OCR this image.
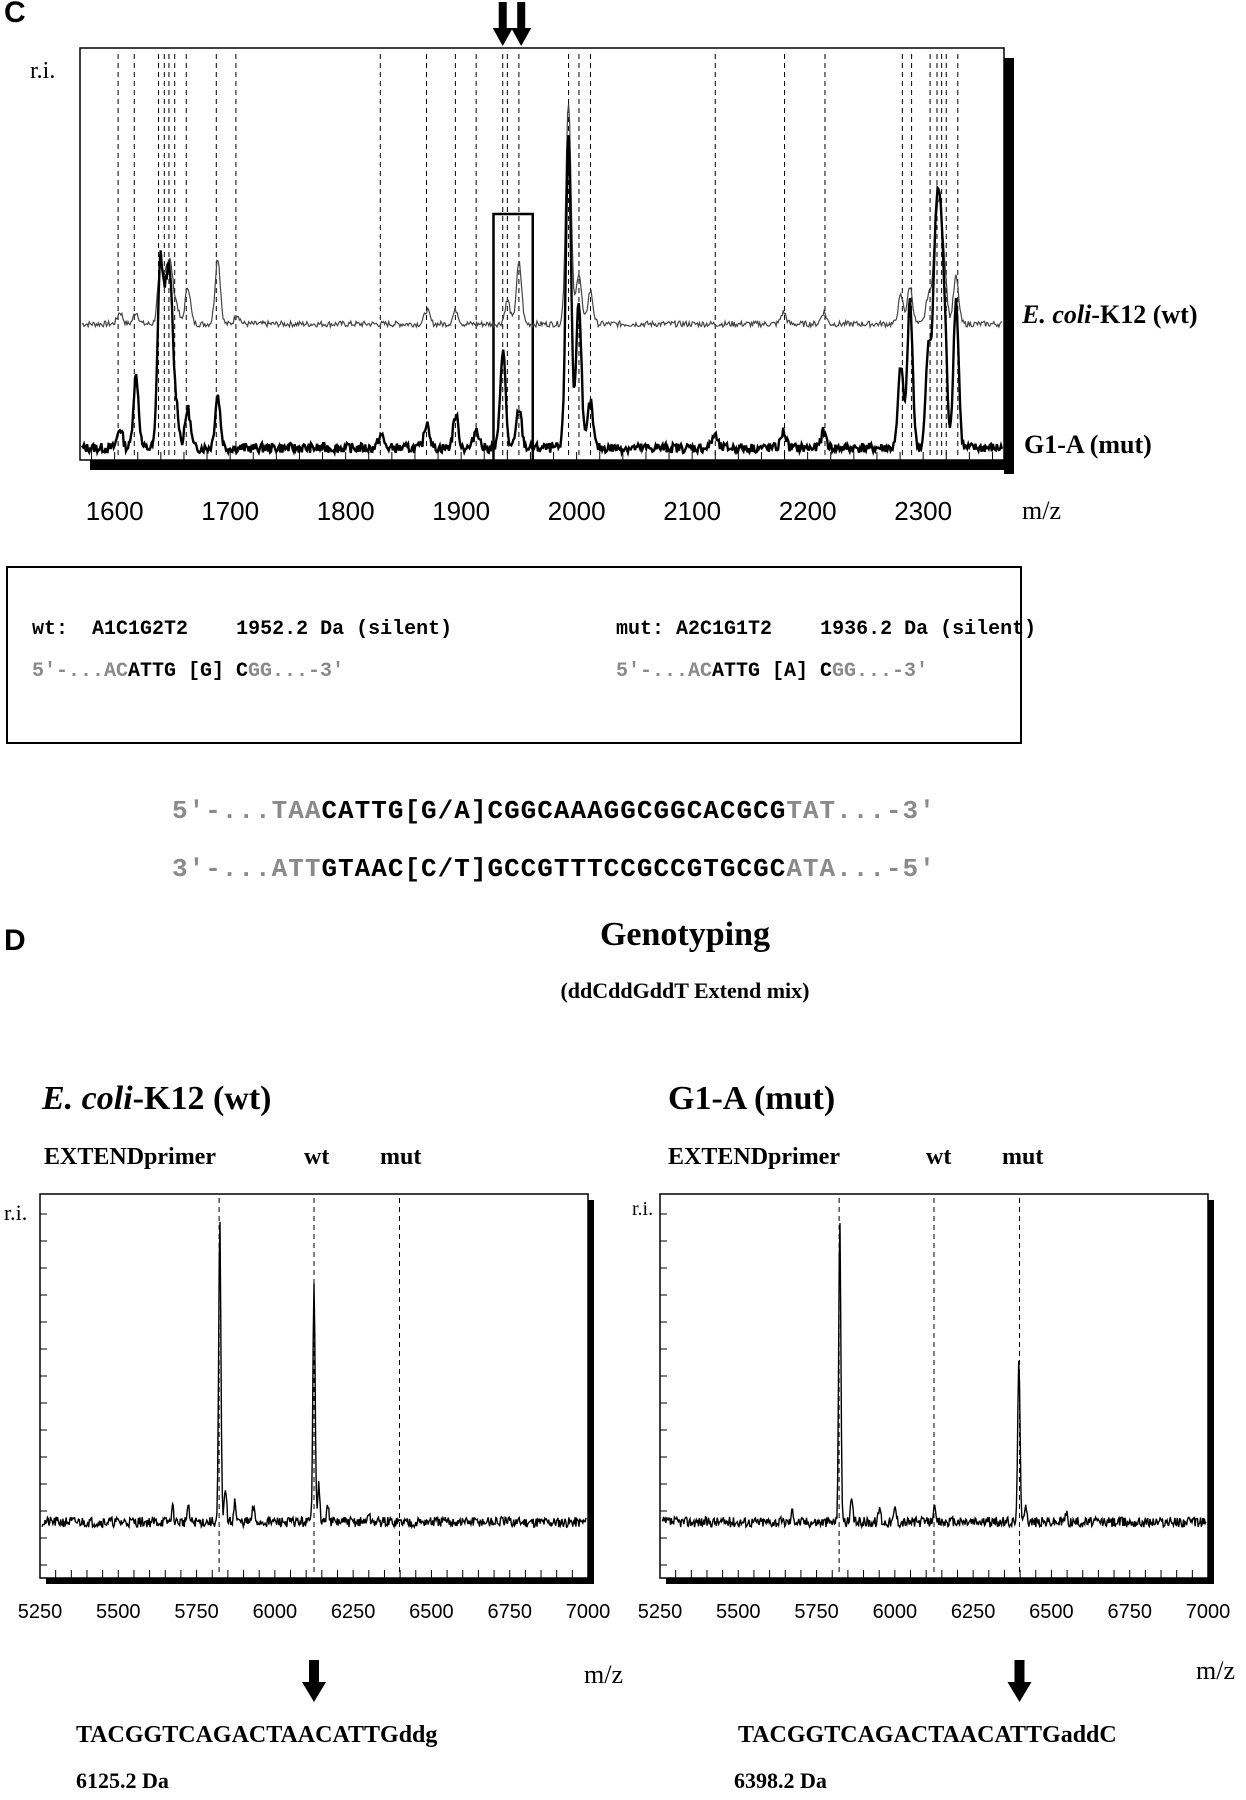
C
1600 1700 1800 1900 2000 2100 2200 2300
r.i.
m/z
E. coli-K12 (wt)
G1-A (mut)
wt: A1C1G2T2 1952.2 Da (silent)	mut: A2C1G1T2 1936.2 Da (silent)
5'-...ACATTG [G] CGG...-3'	5'-...ACATTG [A] CGG...-3'
5'-...TAACATTG[G/A]CGGCAAAGGCGGCACGCGTAT...-3'
3'-...ATTGTAAC[C/T]GCCGTTTCCGCCGTGCGCATA...-5'
D	Genotyping
(ddCddGddT Extend mix)
E. coli-K12 (wt)	G1-A (mut)
EXTENDprimer	wt mut	EXTENDprimer	wt mut
r.i.	r.i.
5250 5500 5750 6000 6250 6500 6750 7000 5250 5500 5750 6000 6250 6500 6750 7000
m/z	m/z
TACGGTCAGACTAACATTGddg
6125.2 Da
TACGGTCAGACTAACATTGaddC
6398.2 Da
